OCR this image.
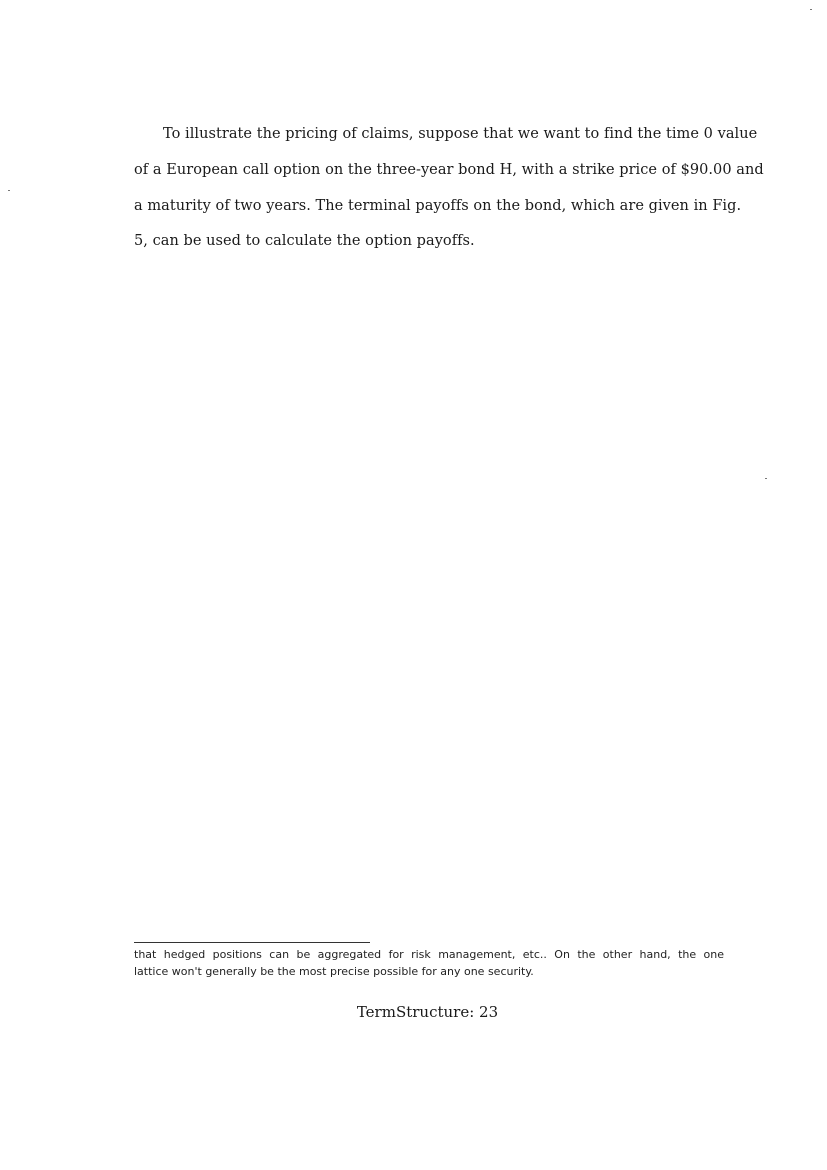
To illustrate the pricing of claims, suppose that we want to find the time 0 value
of a European call option on the three-year bond H, with a strike price of $90.00 and
a maturity of two years. The terminal payoffs on the bond, which are given in Fig.
5, can be used to calculate the option payoffs.
that hedged positions can be aggregated for risk management, etc.. On the other hand, the one
lattice won't generally be the most precise possible for any one security.
TermStructure: 23
